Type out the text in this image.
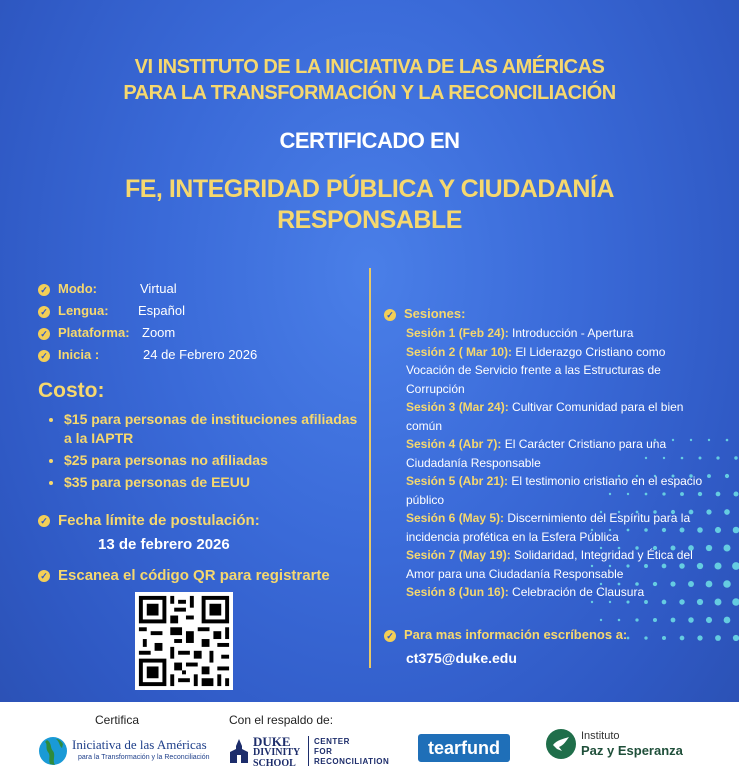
VI INSTITUTO DE LA INICIATIVA DE LAS AMÉRICAS
PARA LA TRANSFORMACIÓN Y LA RECONCILIACIÓN
CERTIFICADO EN
FE, INTEGRIDAD PÚBLICA Y CIUDADANÍA
RESPONSABLE
✓ Modo:	Virtual
✓ Lengua: Español
✓ Plataforma: Zoom
✓ Inicia :	24 de Febrero 2026
Costo:
• $15 para personas de instituciones afiliadas a la IAPTR
• $25 para personas no afiliadas
• $35 para personas de EEUU
✓ Fecha límite de postulación:
13 de febrero 2026
✓ Escanea el código QR para registrarte
✓ Sesiones:
Sesión 1 (Feb 24): Introducción - Apertura
Sesión 2 ( Mar 10): El Liderazgo Cristiano como Vocación de Servicio frente a las Estructuras de Corrupción
Sesión 3 (Mar 24): Cultivar Comunidad para el bien común
Sesión 4 (Abr 7): El Carácter Cristiano para una Ciudadanía Responsable
Sesión 5 (Abr 21): El testimonio cristiano en el espacio público
Sesión 6 (May 5): Discernimiento del Espíritu para la incidencia profética en la Esfera Pública
Sesión 7 (May 19): Solidaridad, Integridad y Ética del Amor para una Ciudadanía Responsable
Sesión 8 (Jun 16): Celebración de Clausura
✓ Para mas información escríbenos a:
ct375@duke.edu
Certifica	Con el respaldo de:
Iniciativa de las Américas
para la Transformación y la Reconciliación
DUKE
DIVINITY
SCHOOL
CENTER
FOR
RECONCILIATION
tearfund
Instituto
Paz y Esperanza
